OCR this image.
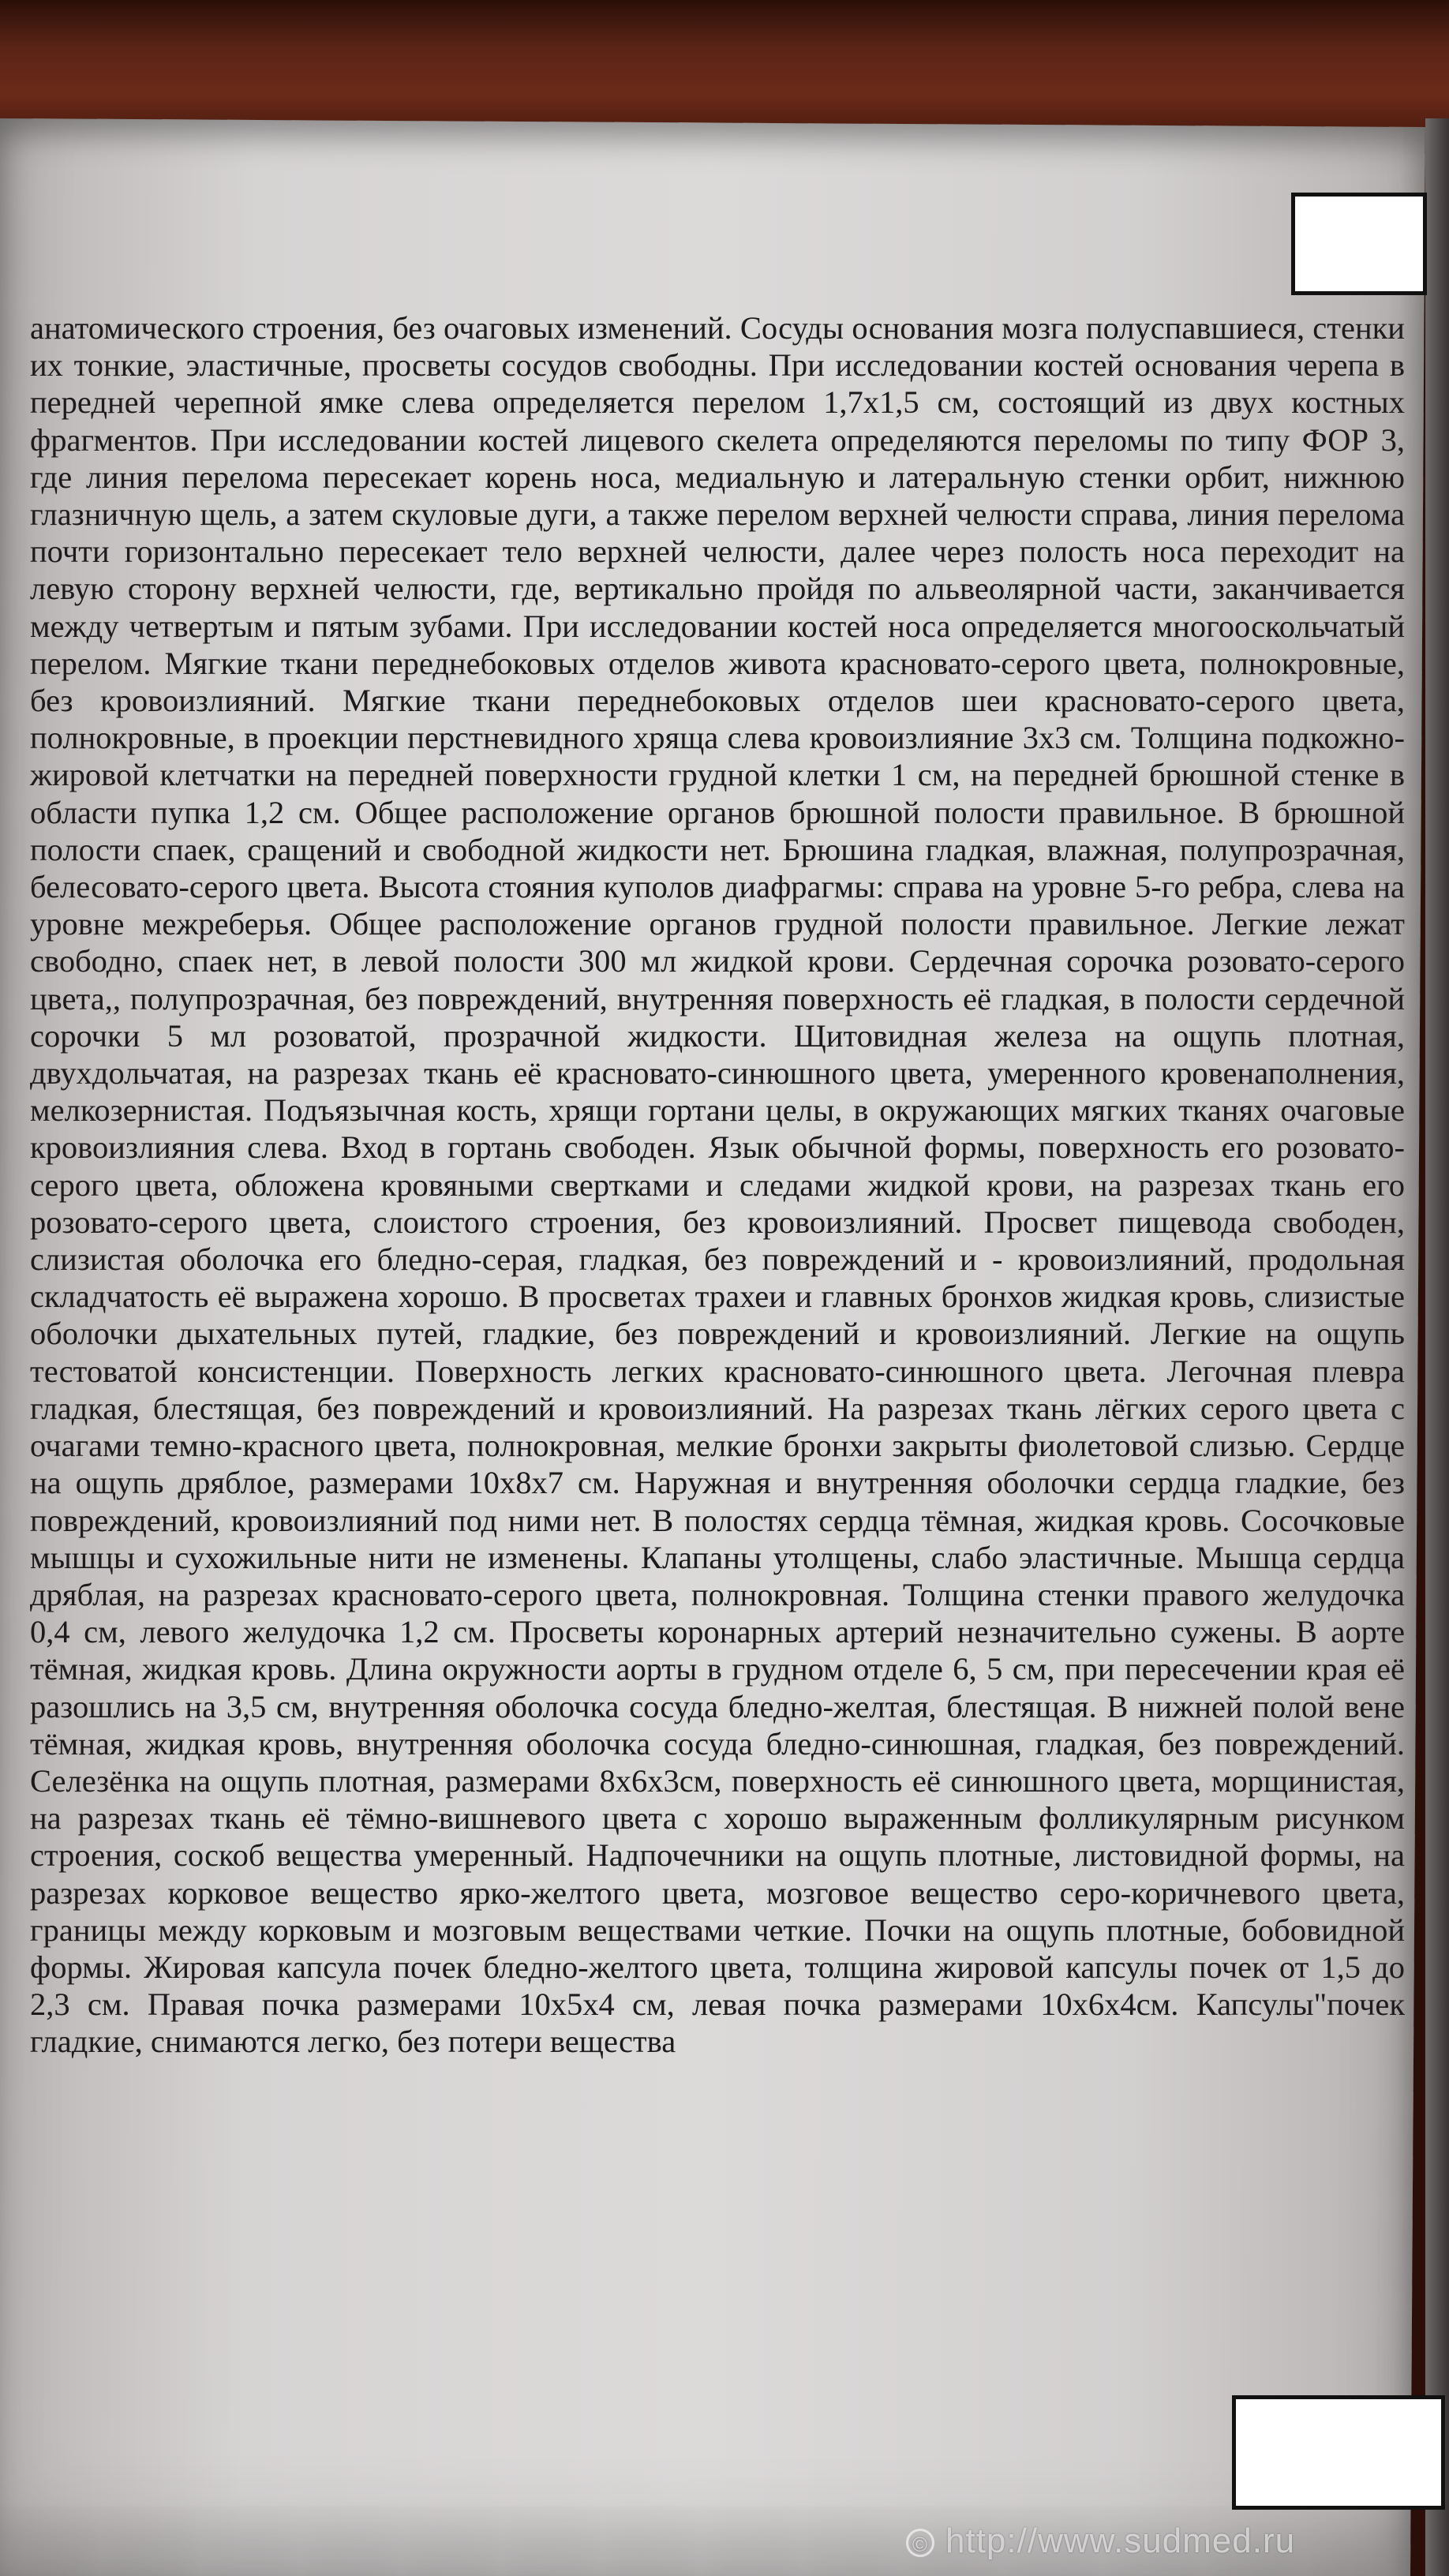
анатомического строения, без очаговых изменений. Сосуды основания мозга полуспавшиеся, стенки их тонкие, эластичные, просветы сосудов свободны. При исследовании костей основания черепа в передней черепной ямке слева определяется перелом 1,7х1,5 см, состоящий из двух костных фрагментов. При исследовании костей лицевого скелета определяются переломы по типу ФОР 3, где линия перелома пересекает корень носа, медиальную и латеральную стенки орбит, нижнюю глазничную щель, а затем скуловые дуги, а также перелом верхней челюсти справа, линия перелома почти горизонтально пересекает тело верхней челюсти, далее через полость носа переходит на левую сторону верхней челюсти, где, вертикально пройдя по альвеолярной части, заканчивается между четвертым и пятым зубами. При исследовании костей носа определяется многооскольчатый перелом. Мягкие ткани переднебоковых отделов живота красновато-серого цвета, полнокровные, без кровоизлияний. Мягкие ткани переднебоковых отделов шеи красновато-серого цвета, полнокровные, в проекции перстневидного хряща слева кровоизлияние 3х3 см. Толщина подкожно-жировой клетчатки на передней поверхности грудной клетки 1 см, на передней брюшной стенке в области пупка 1,2 см. Общее расположение органов брюшной полости правильное. В брюшной полости спаек, сращений и свободной жидкости нет. Брюшина гладкая, влажная, полупрозрачная, белесовато-серого цвета. Высота стояния куполов диафрагмы: справа на уровне 5-го ребра, слева на уровне межреберья. Общее расположение органов грудной полости правильное. Легкие лежат свободно, спаек нет, в левой полости 300 мл жидкой крови. Сердечная сорочка розовато-серого цвета,, полупрозрачная, без повреждений, внутренняя поверхность её гладкая, в полости сердечной сорочки 5 мл розоватой, прозрачной жидкости. Щитовидная железа на ощупь плотная, двухдольчатая, на разрезах ткань её красновато-синюшного цвета, умеренного кровенаполнения, мелкозернистая. Подъязычная кость, хрящи гортани целы, в окружающих мягких тканях очаговые кровоизлияния слева. Вход в гортань свободен. Язык обычной формы, поверхность его розовато-серого цвета, обложена кровяными свертками и следами жидкой крови, на разрезах ткань его розовато-серого цвета, слоистого строения, без кровоизлияний. Просвет пищевода свободен, слизистая оболочка его бледно-серая, гладкая, без повреждений и - кровоизлияний, продольная складчатость её выражена хорошо. В просветах трахеи и главных бронхов жидкая кровь, слизистые оболочки дыхательных путей, гладкие, без повреждений и кровоизлияний. Легкие на ощупь тестоватой консистенции. Поверхность легких красновато-синюшного цвета. Легочная плевра гладкая, блестящая, без повреждений и кровоизлияний. На разрезах ткань лёгких серого цвета с очагами темно-красного цвета, полнокровная, мелкие бронхи закрыты фиолетовой слизью. Сердце на ощупь дряблое, размерами 10х8х7 см. Наружная и внутренняя оболочки сердца гладкие, без повреждений, кровоизлияний под ними нет. В полостях сердца тёмная, жидкая кровь. Сосочковые мышцы и сухожильные нити не изменены. Клапаны утолщены, слабо эластичные. Мышца сердца дряблая, на разрезах красновато-серого цвета, полнокровная. Толщина стенки правого желудочка 0,4 см, левого желудочка 1,2 см. Просветы коронарных артерий незначительно сужены. В аорте тёмная, жидкая кровь. Длина окружности аорты в грудном отделе 6, 5 см, при пересечении края её разошлись на 3,5 см, внутренняя оболочка сосуда бледно-желтая, блестящая. В нижней полой вене тёмная, жидкая кровь, внутренняя оболочка сосуда бледно-синюшная, гладкая, без повреждений. Селезёнка на ощупь плотная, размерами 8х6х3см, поверхность её синюшного цвета, морщинистая, на разрезах ткань её тёмно-вишневого цвета с хорошо выраженным фолликулярным рисунком строения, соскоб вещества умеренный. Надпочечники на ощупь плотные, листовидной формы, на разрезах корковое вещество ярко-желтого цвета, мозговое вещество серо-коричневого цвета, границы между корковым и мозговым веществами четкие. Почки на ощупь плотные, бобовидной формы. Жировая капсула почек бледно-желтого цвета, толщина жировой капсулы почек от 1,5 до 2,3 см. Правая почка размерами 10х5х4 см, левая почка размерами 10х6х4см. Капсулы"почек гладкие, снимаются легко, без потери вещества

© http://www.sudmed.ru
